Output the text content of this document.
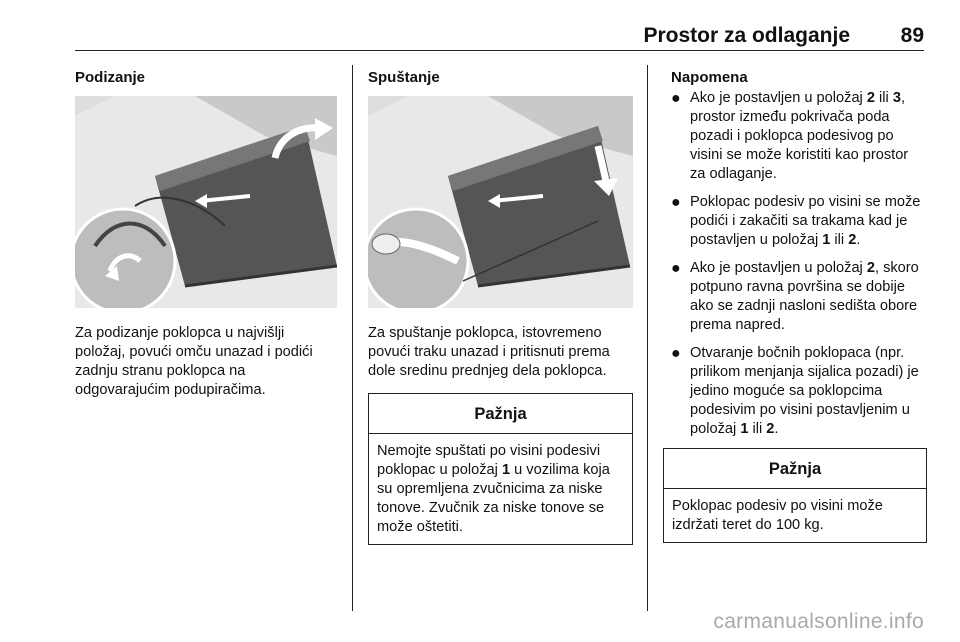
Prostor za odlaganje 89

Podizanje

Za podizanje poklopca u najvišlji položaj, povući omču unazad i podići zadnju stranu poklopca na odgovarajućim podupiračima.

Spuštanje

Za spuštanje poklopca, istovremeno povući traku unazad i pritisnuti prema dole sredinu prednjeg dela poklopca.
Pažnja
Nemojte spuštati po visini podesivi poklopac u položaj 1 u vozilima koja su opremljena zvučnicima za niske tonove. Zvučnik za niske tonove se može oštetiti.
Napomena
● Ako je postavljen u položaj 2 ili 3, prostor između pokrivača poda pozadi i poklopca podesivog po visini se može koristiti kao prostor za odlaganje.
● Poklopac podesiv po visini se može podići i zakačiti sa trakama kad je postavljen u položaj 1 ili 2.
● Ako je postavljen u položaj 2, skoro potpuno ravna površina se dobije ako se zadnji nasloni sedišta obore prema napred.
● Otvaranje bočnih poklopaca (npr. prilikom menjanja sijalica pozadi) je jedino moguće sa poklopcima podesivim po visini postavljenim u položaj 1 ili 2.
Pažnja
Poklopac podesiv po visini može izdržati teret do 100 kg.
carmanualsonline.info
